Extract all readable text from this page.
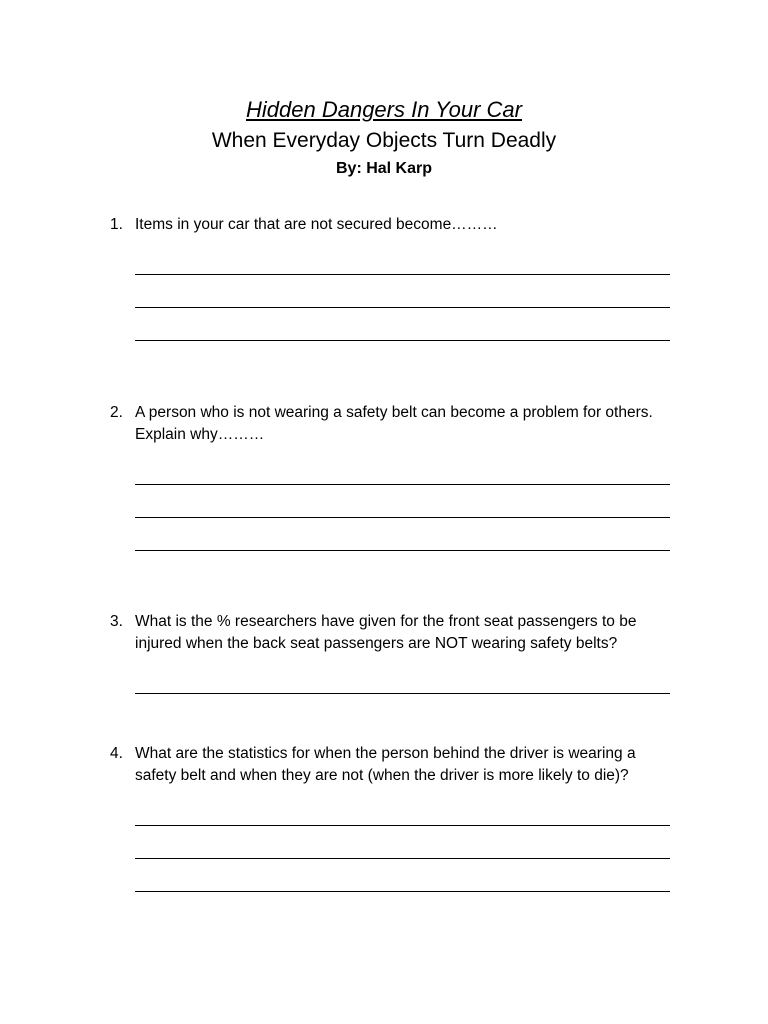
Hidden Dangers In Your Car
When Everyday Objects Turn Deadly
By: Hal Karp
1. Items in your car that are not secured become………
2. A person who is not wearing a safety belt can become a problem for others.
Explain why………
3. What is the % researchers have given for the front seat passengers to be
injured when the back seat passengers are NOT wearing safety belts?
4. What are the statistics for when the person behind the driver is wearing a
safety belt and when they are not (when the driver is more likely to die)?
